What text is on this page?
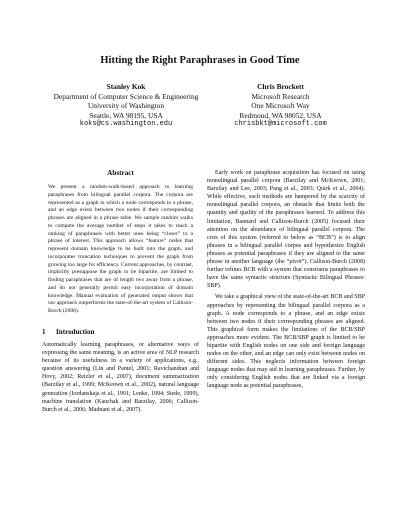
Hitting the Right Paraphrases in Good Time
Stanley Kok
Department of Computer Science & Engineering
University of Washington
Seattle, WA 98195, USA
koks@cs.washington.edu
Chris Brockett
Microsoft Research
One Microsoft Way
Redmond, WA 98052, USA
chrisbkt@microsoft.com
Abstract

We present a random-walk-based approach to learning paraphrases from bilingual parallel corpora. The corpora are represented as a graph in which a node corresponds to a phrase, and an edge exists between two nodes if their corresponding phrases are aligned in a phrase table. We sample random walks to compute the average number of steps it takes to reach a ranking of paraphrases with better ones being “closer” to a phrase of interest. This approach allows “feature” nodes that represent domain knowledge to be built into the graph, and incorporates truncation techniques to prevent the graph from growing too large for efficiency. Current approaches, by contrast, implicitly presuppose the graph to be bipartite, are limited to finding paraphrases that are of length two away from a phrase, and do not generally permit easy incorporation of domain knowledge. Manual evaluation of generated output shows that our approach outperforms the state-of-the-art system of Callison-Burch (2008).

1 Introduction

Automatically learning paraphrases, or alternative ways of expressing the same meaning, is an active area of NLP research because of its usefulness in a variety of applications, e.g., question answering (Lin and Pantel, 2001; Ravichandran and Hovy, 2002; Reizler et al., 2007), document summarization (Barzilay et al., 1999; McKeown et al., 2002), natural language generation (Iordanskaja et al., 1991; Lenke, 1994; Stede, 1999), machine translation (Kauchak and Barzilay, 2006; Callison-Burch et al., 2006; Madnani et al., 2007).

Early work on paraphrase acquisition has focused on using monolingual parallel corpora (Barzilay and McKeown, 2001; Barzilay and Lee, 2003; Pang et al., 2003; Quirk et al., 2004). While effective, such methods are hampered by the scarcity of monolingual parallel corpora, an obstacle that limits both the quantity and quality of the paraphrases learned. To address this limitation, Bannard and Callison-Burch (2005) focused their attention on the abundance of bilingual parallel corpora. The crux of this system (referred to below as “BCB”) is to align phrases in a bilingual parallel corpus and hypothesize English phrases as potential paraphrases if they are aligned to the same phrase in another language (the “pivot”). Callison-Burch (2008) further refines BCB with a system that constrains paraphrases to have the same syntactic structure (Syntactic Bilingual Phrases: SBP).

We take a graphical view of the state-of-the-art BCB and SBP approaches by representing the bilingual parallel corpora as a graph. A node corresponds to a phrase, and an edge exists between two nodes if their corresponding phrases are aligned. This graphical form makes the limitations of the BCB/SBP approaches more evident. The BCB/SBP graph is limited to be bipartite with English nodes on one side and foreign language nodes on the other, and an edge can only exist between nodes on different sides. This neglects information between foreign language nodes that may aid in learning paraphrases. Further, by only considering English nodes that are linked via a foreign language node as potential paraphrases,
